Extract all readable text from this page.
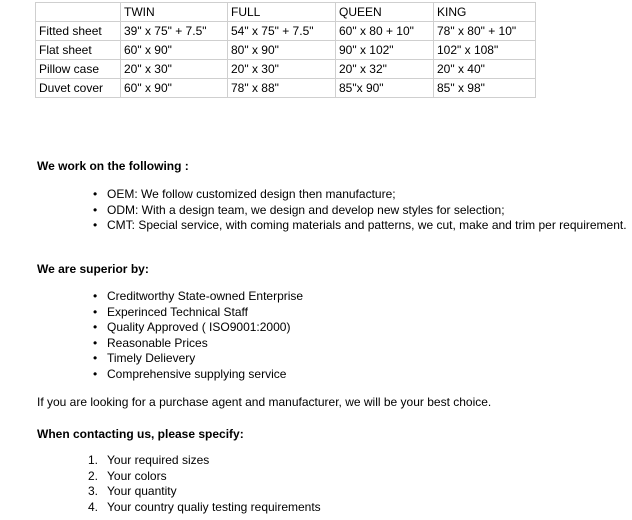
	TWIN	FULL	QUEEN	KING
Fitted sheet	39" x 75" + 7.5"	54" x 75" + 7.5"	60" x 80 + 10"	78" x 80" + 10"
Flat sheet	60" x 90"	80" x 90"	90" x 102"	102" x 108"
Pillow case	20" x 30"	20" x 30"	20" x 32"	20" x 40"
Duvet cover	60" x 90"	78" x 88"	85"x 90"	85" x 98"
We work on the following :
• OEM: We follow customized design then manufacture;
• ODM: With a design team, we design and develop new styles for selection;
• CMT: Special service, with coming materials and patterns, we cut, make and trim per requirement.
We are superior by:
• Creditworthy State-owned Enterprise
• Experinced Technical Staff
• Quality Approved ( ISO9001:2000)
• Reasonable Prices
• Timely Delievery
• Comprehensive supplying service
If you are looking for a purchase agent and manufacturer, we will be your best choice.
When contacting us, please specify:
1. Your required sizes
2. Your colors
3. Your quantity
4. Your country qualiy testing requirements
